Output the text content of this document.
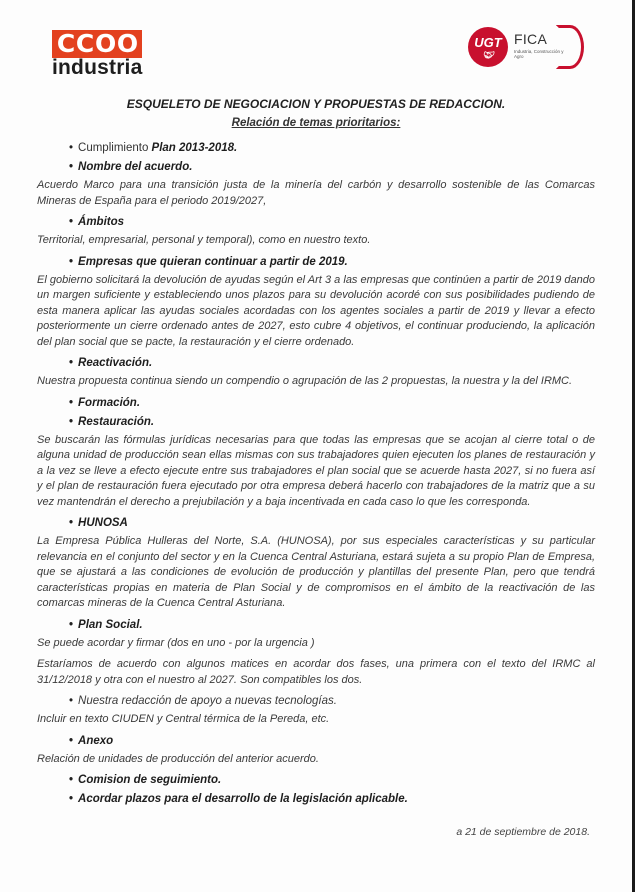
C C O O
industria
UGT
🤝︎
FICA
Industria, Construcción y Agro
ESQUELETO DE NEGOCIACION Y PROPUESTAS DE REDACCION.
Relación de temas prioritarios:
• Cumplimiento Plan 2013-2018.
• Nombre del acuerdo.

Acuerdo Marco para una transición justa de la minería del carbón y desarrollo sostenible de las Comarcas Mineras de España para el periodo 2019/2027,

• Ámbitos

Territorial, empresarial, personal y temporal), como en nuestro texto.

• Empresas que quieran continuar a partir de 2019.

El gobierno solicitará la devolución de ayudas según el Art 3 a las empresas que continúen a partir de 2019 dando un margen suficiente y estableciendo unos plazos para su devolución acordé con sus posibilidades pudiendo de esta manera aplicar las ayudas sociales acordadas con los agentes sociales a partir de 2019 y llevar a efecto posteriormente un cierre ordenado antes de 2027, esto cubre 4 objetivos, el continuar produciendo, la aplicación del plan social que se pacte, la restauración y el cierre ordenado.

• Reactivación.

Nuestra propuesta continua siendo un compendio o agrupación de las 2 propuestas, la nuestra y la del IRMC.

• Formación.
• Restauración.

Se buscarán las fórmulas jurídicas necesarias para que todas las empresas que se acojan al cierre total o de alguna unidad de producción sean ellas mismas con sus trabajadores quien ejecuten los planes de restauración y a la vez se lleve a efecto ejecute entre sus trabajadores el plan social que se acuerde hasta 2027, si no fuera así y el plan de restauración fuera ejecutado por otra empresa deberá hacerlo con trabajadores de la matriz que a su vez mantendrán el derecho a prejubilación y a baja incentivada en cada caso lo que les corresponda.

• HUNOSA

La Empresa Pública Hulleras del Norte, S.A. (HUNOSA), por sus especiales características y su particular relevancia en el conjunto del sector y en la Cuenca Central Asturiana, estará sujeta a su propio Plan de Empresa, que se ajustará a las condiciones de evolución de producción y plantillas del presente Plan, pero que tendrá características propias en materia de Plan Social y de compromisos en el ámbito de la reactivación de las comarcas mineras de la Cuenca Central Asturiana.

• Plan Social.

Se puede acordar y firmar (dos en uno - por la urgencia )

Estaríamos de acuerdo con algunos matices en acordar dos fases, una primera con el texto del IRMC al 31/12/2018 y otra con el nuestro al 2027. Son compatibles los dos.

• Nuestra redacción de apoyo a nuevas tecnologías.

Incluir en texto CIUDEN y Central térmica de la Pereda, etc.

• Anexo

Relación de unidades de producción del anterior acuerdo.

• Comision de seguimiento.
• Acordar plazos para el desarrollo de la legislación aplicable.
a 21 de septiembre de 2018.
